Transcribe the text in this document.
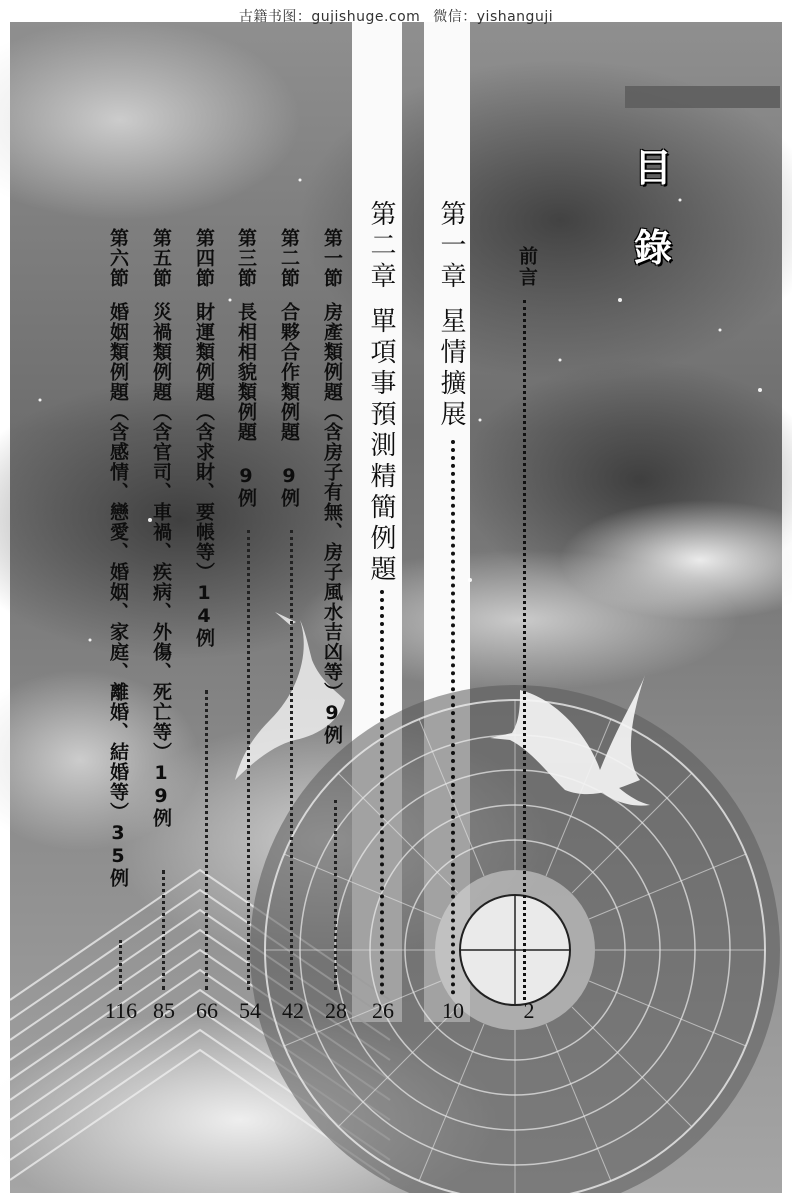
古籍书图：gujishuge.com 微信：yishanguji
目
錄
前言
第一章星情擴展
第二章單項事預測精簡例題
第一節房產類例題（含房子有無、房子風水吉凶等）9例
第二節合夥合作類例題 9例
第三節長相相貌類例題 9例
第四節財運類例題（含求財、要帳等）14例
第五節災禍類例題（含官司、車禍、疾病、外傷、死亡等）19例
第六節婚姻類例題（含感情、戀愛、婚姻、家庭、離婚、結婚等）35例
2
10
26
28
42
54
66
85
116
